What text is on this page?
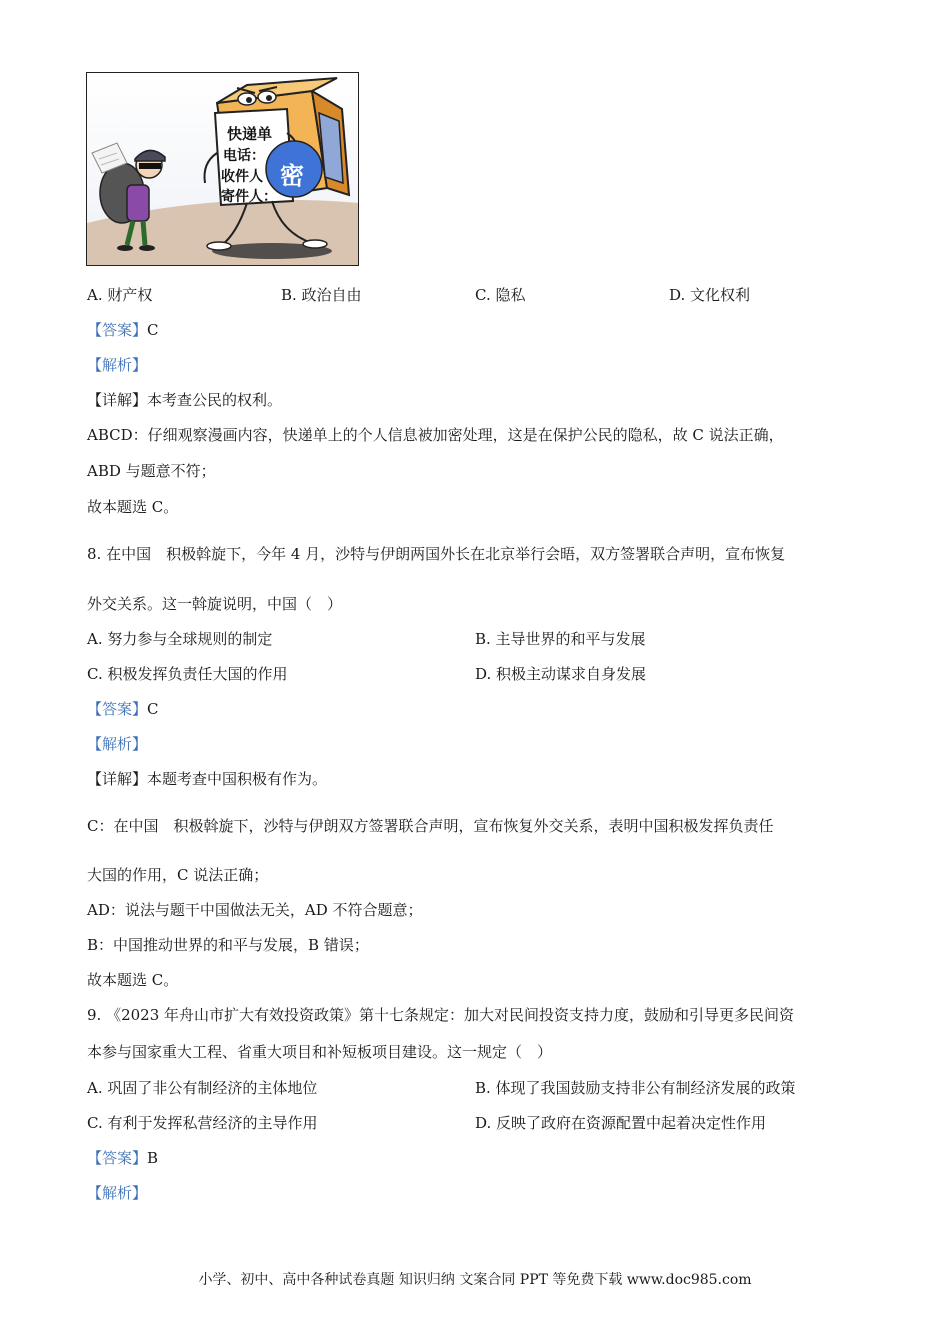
快递单
电话：
收件人
寄件人：
密
A. 财产权	B. 政治自由	C. 隐私	D. 文化权利
【答案】C
【解析】
【详解】本考查公民的权利。
ABCD：仔细观察漫画内容，快递单上的个人信息被加密处理，这是在保护公民的隐私，故 C 说法正确，
ABD 与题意不符；
故本题选 C。
8. 在中国　积极斡旋下，今年 4 月，沙特与伊朗两国外长在北京举行会晤，双方签署联合声明，宣布恢复
外交关系。这一斡旋说明，中国（　）
A. 努力参与全球规则的制定	B. 主导世界的和平与发展
C. 积极发挥负责任大国的作用	D. 积极主动谋求自身发展
【答案】C
【解析】
【详解】本题考查中国积极有作为。
C：在中国　积极斡旋下，沙特与伊朗双方签署联合声明，宣布恢复外交关系，表明中国积极发挥负责任
大国的作用，C 说法正确；
AD：说法与题干中国做法无关，AD 不符合题意；
B：中国推动世界的和平与发展，B 错误；
故本题选 C。
9. 《2023 年舟山市扩大有效投资政策》第十七条规定：加大对民间投资支持力度，鼓励和引导更多民间资
本参与国家重大工程、省重大项目和补短板项目建设。这一规定（　）
A. 巩固了非公有制经济的主体地位	B. 体现了我国鼓励支持非公有制经济发展的政策
C. 有利于发挥私营经济的主导作用	D. 反映了政府在资源配置中起着决定性作用
【答案】B
【解析】
小学、初中、高中各种试卷真题 知识归纳 文案合同 PPT 等免费下载 www.doc985.com
